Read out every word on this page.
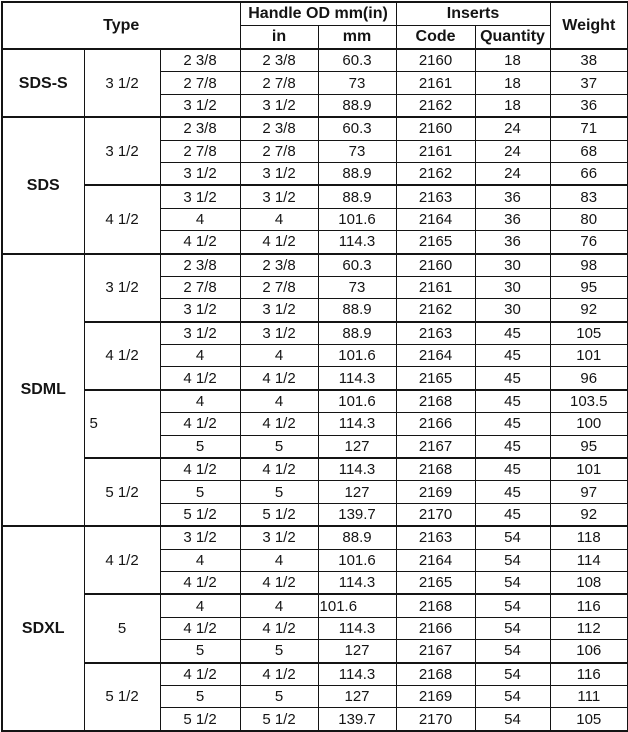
Type			Handle OD mm(in)		Inserts		Weight
			in	mm	Code	Quantity	
SDS-S	3 1/2	2 3/8	2 3/8	60.3	2160	18	38
		2 7/8	2 7/8	73	2161	18	37
		3 1/2	3 1/2	88.9	2162	18	36
SDS	3 1/2	2 3/8	2 3/8	60.3	2160	24	71
		2 7/8	2 7/8	73	2161	24	68
		3 1/2	3 1/2	88.9	2162	24	66
	4 1/2	3 1/2	3 1/2	88.9	2163	36	83
		4	4	101.6	2164	36	80
		4 1/2	4 1/2	114.3	2165	36	76
SDML	3 1/2	2 3/8	2 3/8	60.3	2160	30	98
		2 7/8	2 7/8	73	2161	30	95
		3 1/2	3 1/2	88.9	2162	30	92
	4 1/2	3 1/2	3 1/2	88.9	2163	45	105
		4	4	101.6	2164	45	101
		4 1/2	4 1/2	114.3	2165	45	96
	5	4	4	101.6	2168	45	103.5
		4 1/2	4 1/2	114.3	2166	45	100
		5	5	127	2167	45	95
	5 1/2	4 1/2	4 1/2	114.3	2168	45	101
		5	5	127	2169	45	97
		5 1/2	5 1/2	139.7	2170	45	92
SDXL	4 1/2	3 1/2	3 1/2	88.9	2163	54	118
		4	4	101.6	2164	54	114
		4 1/2	4 1/2	114.3	2165	54	108
	5	4	4	101.6	2168	54	116
		4 1/2	4 1/2	114.3	2166	54	112
		5	5	127	2167	54	106
	5 1/2	4 1/2	4 1/2	114.3	2168	54	116
		5	5	127	2169	54	111
		5 1/2	5 1/2	139.7	2170	54	105
